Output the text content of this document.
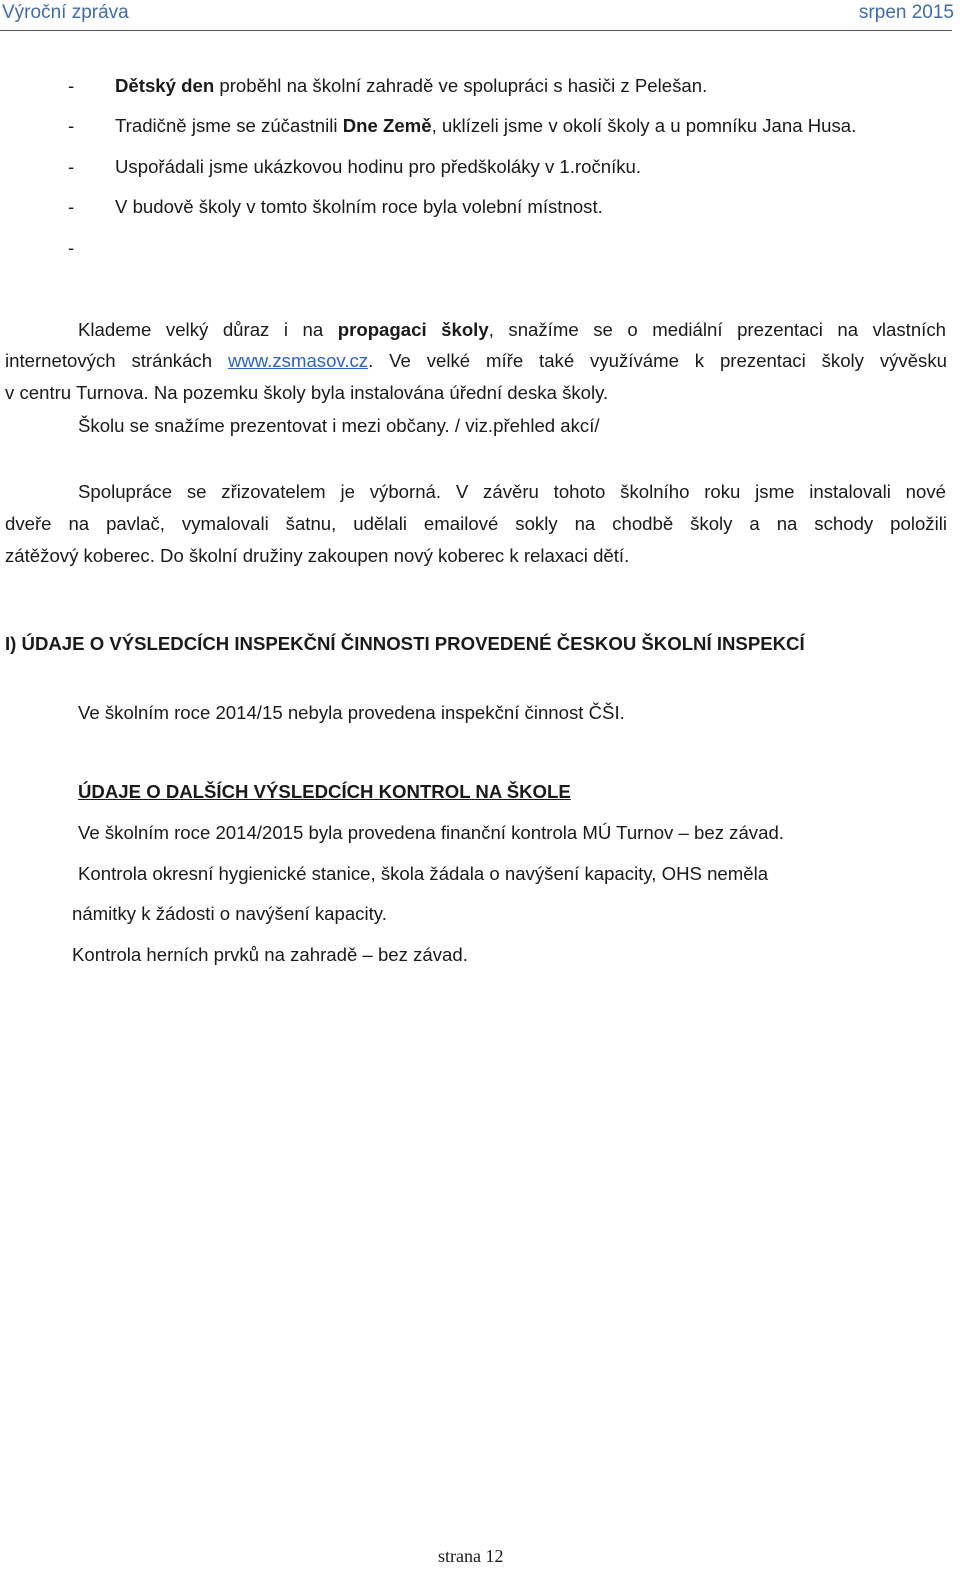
Výroční zpráva	srpen 2015
- Dětský den proběhl na školní zahradě ve spolupráci s hasiči z Pelešan.
- Tradičně jsme se zúčastnili Dne Země, uklízeli jsme v okolí školy a u pomníku Jana Husa.
- Uspořádali jsme ukázkovou hodinu pro předškoláky v 1.ročníku.
- V budově školy v tomto školním roce byla volební místnost.
-
Klademe velký důraz i na propagaci školy, snažíme se o mediální prezentaci na vlastních
internetových stránkách www.zsmasov.cz. Ve velké míře také využíváme k prezentaci školy vývěsku
v centru Turnova. Na pozemku školy byla instalována úřední deska školy.
Školu se snažíme prezentovat i mezi občany. / viz.přehled akcí/
Spolupráce se zřizovatelem je výborná. V závěru tohoto školního roku jsme instalovali nové
dveře na pavlač, vymalovali šatnu, udělali emailové sokly na chodbě školy a na schody položili
zátěžový koberec. Do školní družiny zakoupen nový koberec k relaxaci dětí.
I) ÚDAJE O VÝSLEDCÍCH INSPEKČNÍ ČINNOSTI PROVEDENÉ ČESKOU ŠKOLNÍ INSPEKCÍ
Ve školním roce 2014/15 nebyla provedena inspekční činnost ČŠI.
ÚDAJE O DALŠÍCH VÝSLEDCÍCH KONTROL NA ŠKOLE
Ve školním roce 2014/2015 byla provedena finanční kontrola MÚ Turnov – bez závad.
Kontrola okresní hygienické stanice, škola žádala o navýšení kapacity, OHS neměla
námitky k žádosti o navýšení kapacity.
Kontrola herních prvků na zahradě – bez závad.
strana 12
